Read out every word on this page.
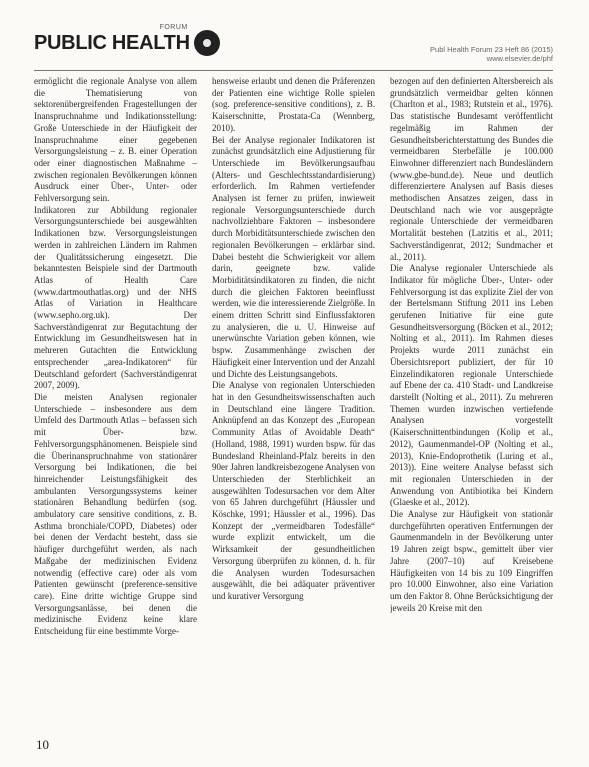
PUBLIC HEALTH
FORUM
Publ Health Forum 23 Heft 86 (2015)
www.elsevier.de/phf

ermöglicht die regionale Analyse von allem die Thematisierung von sektorenübergreifenden Fragestellungen der Inanspruchnahme und Indikationsstellung: Große Unterschiede in der Häufigkeit der Inanspruchnahme einer gegebenen Versorgungsleistung – z. B. einer Operation oder einer diagnostischen Maßnahme – zwischen regionalen Bevölkerungen können Ausdruck einer Über-, Unter- oder Fehlversorgung sein.

Indikatoren zur Abbildung regionaler Versorgungsunterschiede bei ausgewählten Indikationen bzw. Versorgungsleistungen werden in zahlreichen Ländern im Rahmen der Qualitätssicherung eingesetzt. Die bekanntesten Beispiele sind der Dartmouth Atlas of Health Care (www.dartmouthatlas.org) und der NHS Atlas of Variation in Healthcare (www.sepho.org.uk). Der Sachverständigenrat zur Begutachtung der Entwicklung im Gesundheitswesen hat in mehreren Gutachten die Entwicklung entsprechender „area-Indikatoren“ für Deutschland gefordert (Sachverständigenrat 2007, 2009).

Die meisten Analysen regionaler Unterschiede – insbesondere aus dem Umfeld des Dartmouth Atlas – befassen sich mit Über- bzw. Fehlversorgungsphänomenen. Beispiele sind die Überinanspruchnahme von stationärer Versorgung bei Indikationen, die bei hinreichender Leistungsfähigkeit des ambulanten Versorgungssystems keiner stationären Behandlung bedürfen (sog. ambulatory care sensitive conditions, z. B. Asthma bronchiale/COPD, Diabetes) oder bei denen der Verdacht besteht, dass sie häufiger durchgeführt werden, als nach Maßgabe der medizinischen Evidenz notwendig (effective care) oder als vom Patienten gewünscht (preference-sensitive care). Eine dritte wichtige Gruppe sind Versorgungsanlässe, bei denen die medizinische Evidenz keine klare Entscheidung für eine bestimmte Vorge-

hensweise erlaubt und denen die Präferenzen der Patienten eine wichtige Rolle spielen (sog. preference-sensitive conditions), z. B. Kaiserschnitte, Prostata-Ca (Wennberg, 2010).

Bei der Analyse regionaler Indikatoren ist zunächst grundsätzlich eine Adjustierung für Unterschiede im Bevölkerungsaufbau (Alters- und Geschlechtsstandardisierung) erforderlich. Im Rahmen vertiefender Analysen ist ferner zu prüfen, inwieweit regionale Versorgungsunterschiede durch nachvollziehbare Faktoren – insbesondere durch Morbiditätsunterschiede zwischen den regionalen Bevölkerungen – erklärbar sind. Dabei besteht die Schwierigkeit vor allem darin, geeignete bzw. valide Morbiditätsindikatoren zu finden, die nicht durch die gleichen Faktoren beeinflusst werden, wie die interessierende Zielgröße. In einem dritten Schritt sind Einflussfaktoren zu analysieren, die u. U. Hinweise auf unerwünschte Variation geben können, wie bspw. Zusammenhänge zwischen der Häufigkeit einer Intervention und der Anzahl und Dichte des Leistungsangebots.

Die Analyse von regionalen Unterschieden hat in den Gesundheitswissenschaften auch in Deutschland eine längere Tradition. Anknüpfend an das Konzept des „European Community Atlas of Avoidable Death“ (Holland, 1988, 1991) wurden bspw. für das Bundesland Rheinland-Pfalz bereits in den 90er Jahren landkreisbezogene Analysen von Unterschieden der Sterblichkeit an ausgewählten Todesursachen vor dem Alter von 65 Jahren durchgeführt (Häussler und Köschke, 1991; Häussler et al., 1996). Das Konzept der „vermeidbaren Todesfälle“ wurde explizit entwickelt, um die Wirksamkeit der gesundheitlichen Versorgung überprüfen zu können, d. h. für die Analysen wurden Todesursachen ausgewählt, die bei adäquater präventiver und kurativer Versorgung

bezogen auf den definierten Altersbereich als grundsätzlich vermeidbar gelten können (Charlton et al., 1983; Rutstein et al., 1976). Das statistische Bundesamt veröffentlicht regelmäßig im Rahmen der Gesundheitsberichterstattung des Bundes die vermeidbaren Sterbefälle je 100.000 Einwohner differenziert nach Bundesländern (www.gbe-bund.de). Neue und deutlich differenziertere Analysen auf Basis dieses methodischen Ansatzes zeigen, dass in Deutschland nach wie vor ausgeprägte regionale Unterschiede der vermeidbaren Mortalität bestehen (Latzitis et al., 2011; Sachverständigenrat, 2012; Sundmacher et al., 2011).

Die Analyse regionaler Unterschiede als Indikator für mögliche Über-, Unter- oder Fehlversorgung ist das explizite Ziel der von der Bertelsmann Stiftung 2011 ins Leben gerufenen Initiative für eine gute Gesundheitsversorgung (Böcken et al., 2012; Nolting et al., 2011). Im Rahmen dieses Projekts wurde 2011 zunächst ein Übersichtsreport publiziert, der für 10 Einzelindikatoren regionale Unterschiede auf Ebene der ca. 410 Stadt- und Landkreise darstellt (Nolting et al., 2011). Zu mehreren Themen wurden inzwischen vertiefende Analysen vorgestellt (Kaiserschnittentbindungen (Kolip et al., 2012), Gaumenmandel-OP (Nolting et al., 2013), Knie-Endoprothetik (Luring et al., 2013)). Eine weitere Analyse befasst sich mit regionalen Unterschieden in der Anwendung von Antibiotika bei Kindern (Glaeske et al., 2012).

Die Analyse zur Häufigkeit von stationär durchgeführten operativen Entfernungen der Gaumenmandeln in der Bevölkerung unter 19 Jahren zeigt bspw., gemittelt über vier Jahre (2007–10) auf Kreisebene Häufigkeiten von 14 bis zu 109 Eingriffen pro 10.000 Einwohner, also eine Variation um den Faktor 8. Ohne Berücksichtigung der jeweils 20 Kreise mit den

10
